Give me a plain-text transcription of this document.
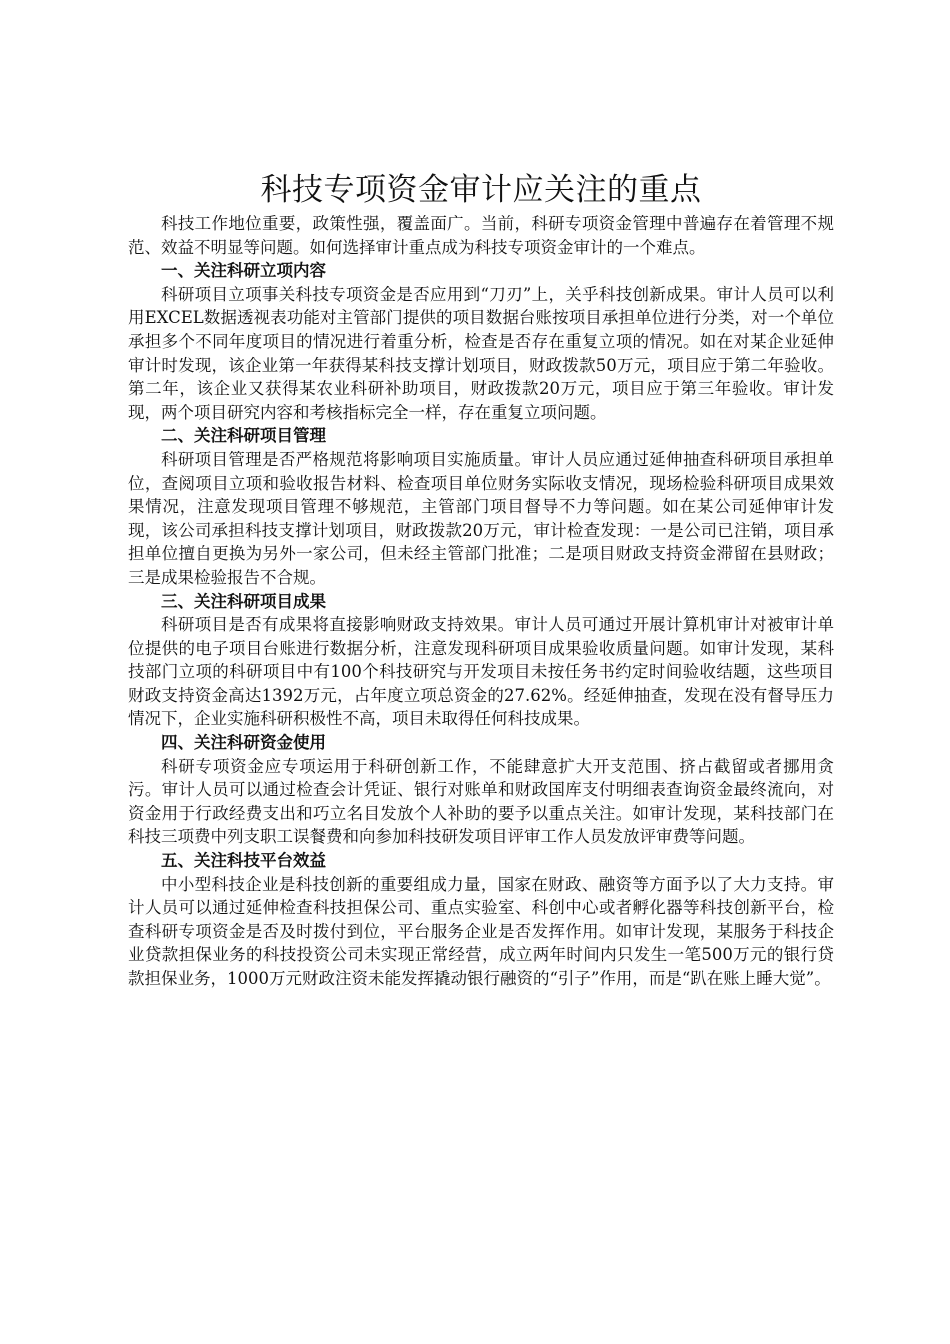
科技专项资金审计应关注的重点

科技工作地位重要，政策性强，覆盖面广。当前，科研专项资金管理中普遍存在着管理不规范、效益不明显等问题。如何选择审计重点成为科技专项资金审计的一个难点。

一、关注科研立项内容

科研项目立项事关科技专项资金是否应用到“刀刃”上，关乎科技创新成果。审计人员可以利用EXCEL数据透视表功能对主管部门提供的项目数据台账按项目承担单位进行分类，对一个单位承担多个不同年度项目的情况进行着重分析，检查是否存在重复立项的情况。如在对某企业延伸审计时发现，该企业第一年获得某科技支撑计划项目，财政拨款50万元，项目应于第二年验收。第二年，该企业又获得某农业科研补助项目，财政拨款20万元，项目应于第三年验收。审计发现，两个项目研究内容和考核指标完全一样，存在重复立项问题。

二、关注科研项目管理

科研项目管理是否严格规范将影响项目实施质量。审计人员应通过延伸抽查科研项目承担单位，查阅项目立项和验收报告材料、检查项目单位财务实际收支情况，现场检验科研项目成果效果情况，注意发现项目管理不够规范，主管部门项目督导不力等问题。如在某公司延伸审计发现，该公司承担科技支撑计划项目，财政拨款20万元，审计检查发现：一是公司已注销，项目承担单位擅自更换为另外一家公司，但未经主管部门批准；二是项目财政支持资金滞留在县财政；三是成果检验报告不合规。

三、关注科研项目成果

科研项目是否有成果将直接影响财政支持效果。审计人员可通过开展计算机审计对被审计单位提供的电子项目台账进行数据分析，注意发现科研项目成果验收质量问题。如审计发现，某科技部门立项的科研项目中有100个科技研究与开发项目未按任务书约定时间验收结题，这些项目财政支持资金高达1392万元，占年度立项总资金的27.62%。经延伸抽查，发现在没有督导压力情况下，企业实施科研积极性不高，项目未取得任何科技成果。

四、关注科研资金使用

科研专项资金应专项运用于科研创新工作，不能肆意扩大开支范围、挤占截留或者挪用贪污。审计人员可以通过检查会计凭证、银行对账单和财政国库支付明细表查询资金最终流向，对资金用于行政经费支出和巧立名目发放个人补助的要予以重点关注。如审计发现，某科技部门在科技三项费中列支职工误餐费和向参加科技研发项目评审工作人员发放评审费等问题。

五、关注科技平台效益

中小型科技企业是科技创新的重要组成力量，国家在财政、融资等方面予以了大力支持。审计人员可以通过延伸检查科技担保公司、重点实验室、科创中心或者孵化器等科技创新平台，检查科研专项资金是否及时拨付到位，平台服务企业是否发挥作用。如审计发现，某服务于科技企业贷款担保业务的科技投资公司未实现正常经营，成立两年时间内只发生一笔500万元的银行贷款担保业务，1000万元财政注资未能发挥撬动银行融资的“引子”作用，而是“趴在账上睡大觉”。
